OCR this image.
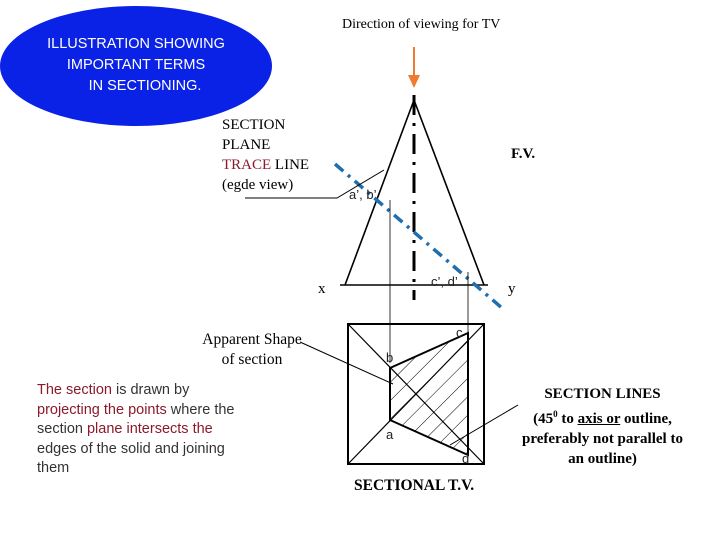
ILLUSTRATION SHOWING
IMPORTANT TERMS
IN SECTIONING.
Direction of viewing for TV
SECTION
PLANE
TRACE LINE
(egde view)
F.V.
a’, b’
c’, d’
x	y
b
c
a
d
Apparent Shape
of section
The section is drawn by
projecting the points where the
section plane intersects the
edges of the solid and joining
them
SECTION LINES
($45^0$ to axis or outline,
preferably not parallel to
an outline)
SECTIONAL T.V.
